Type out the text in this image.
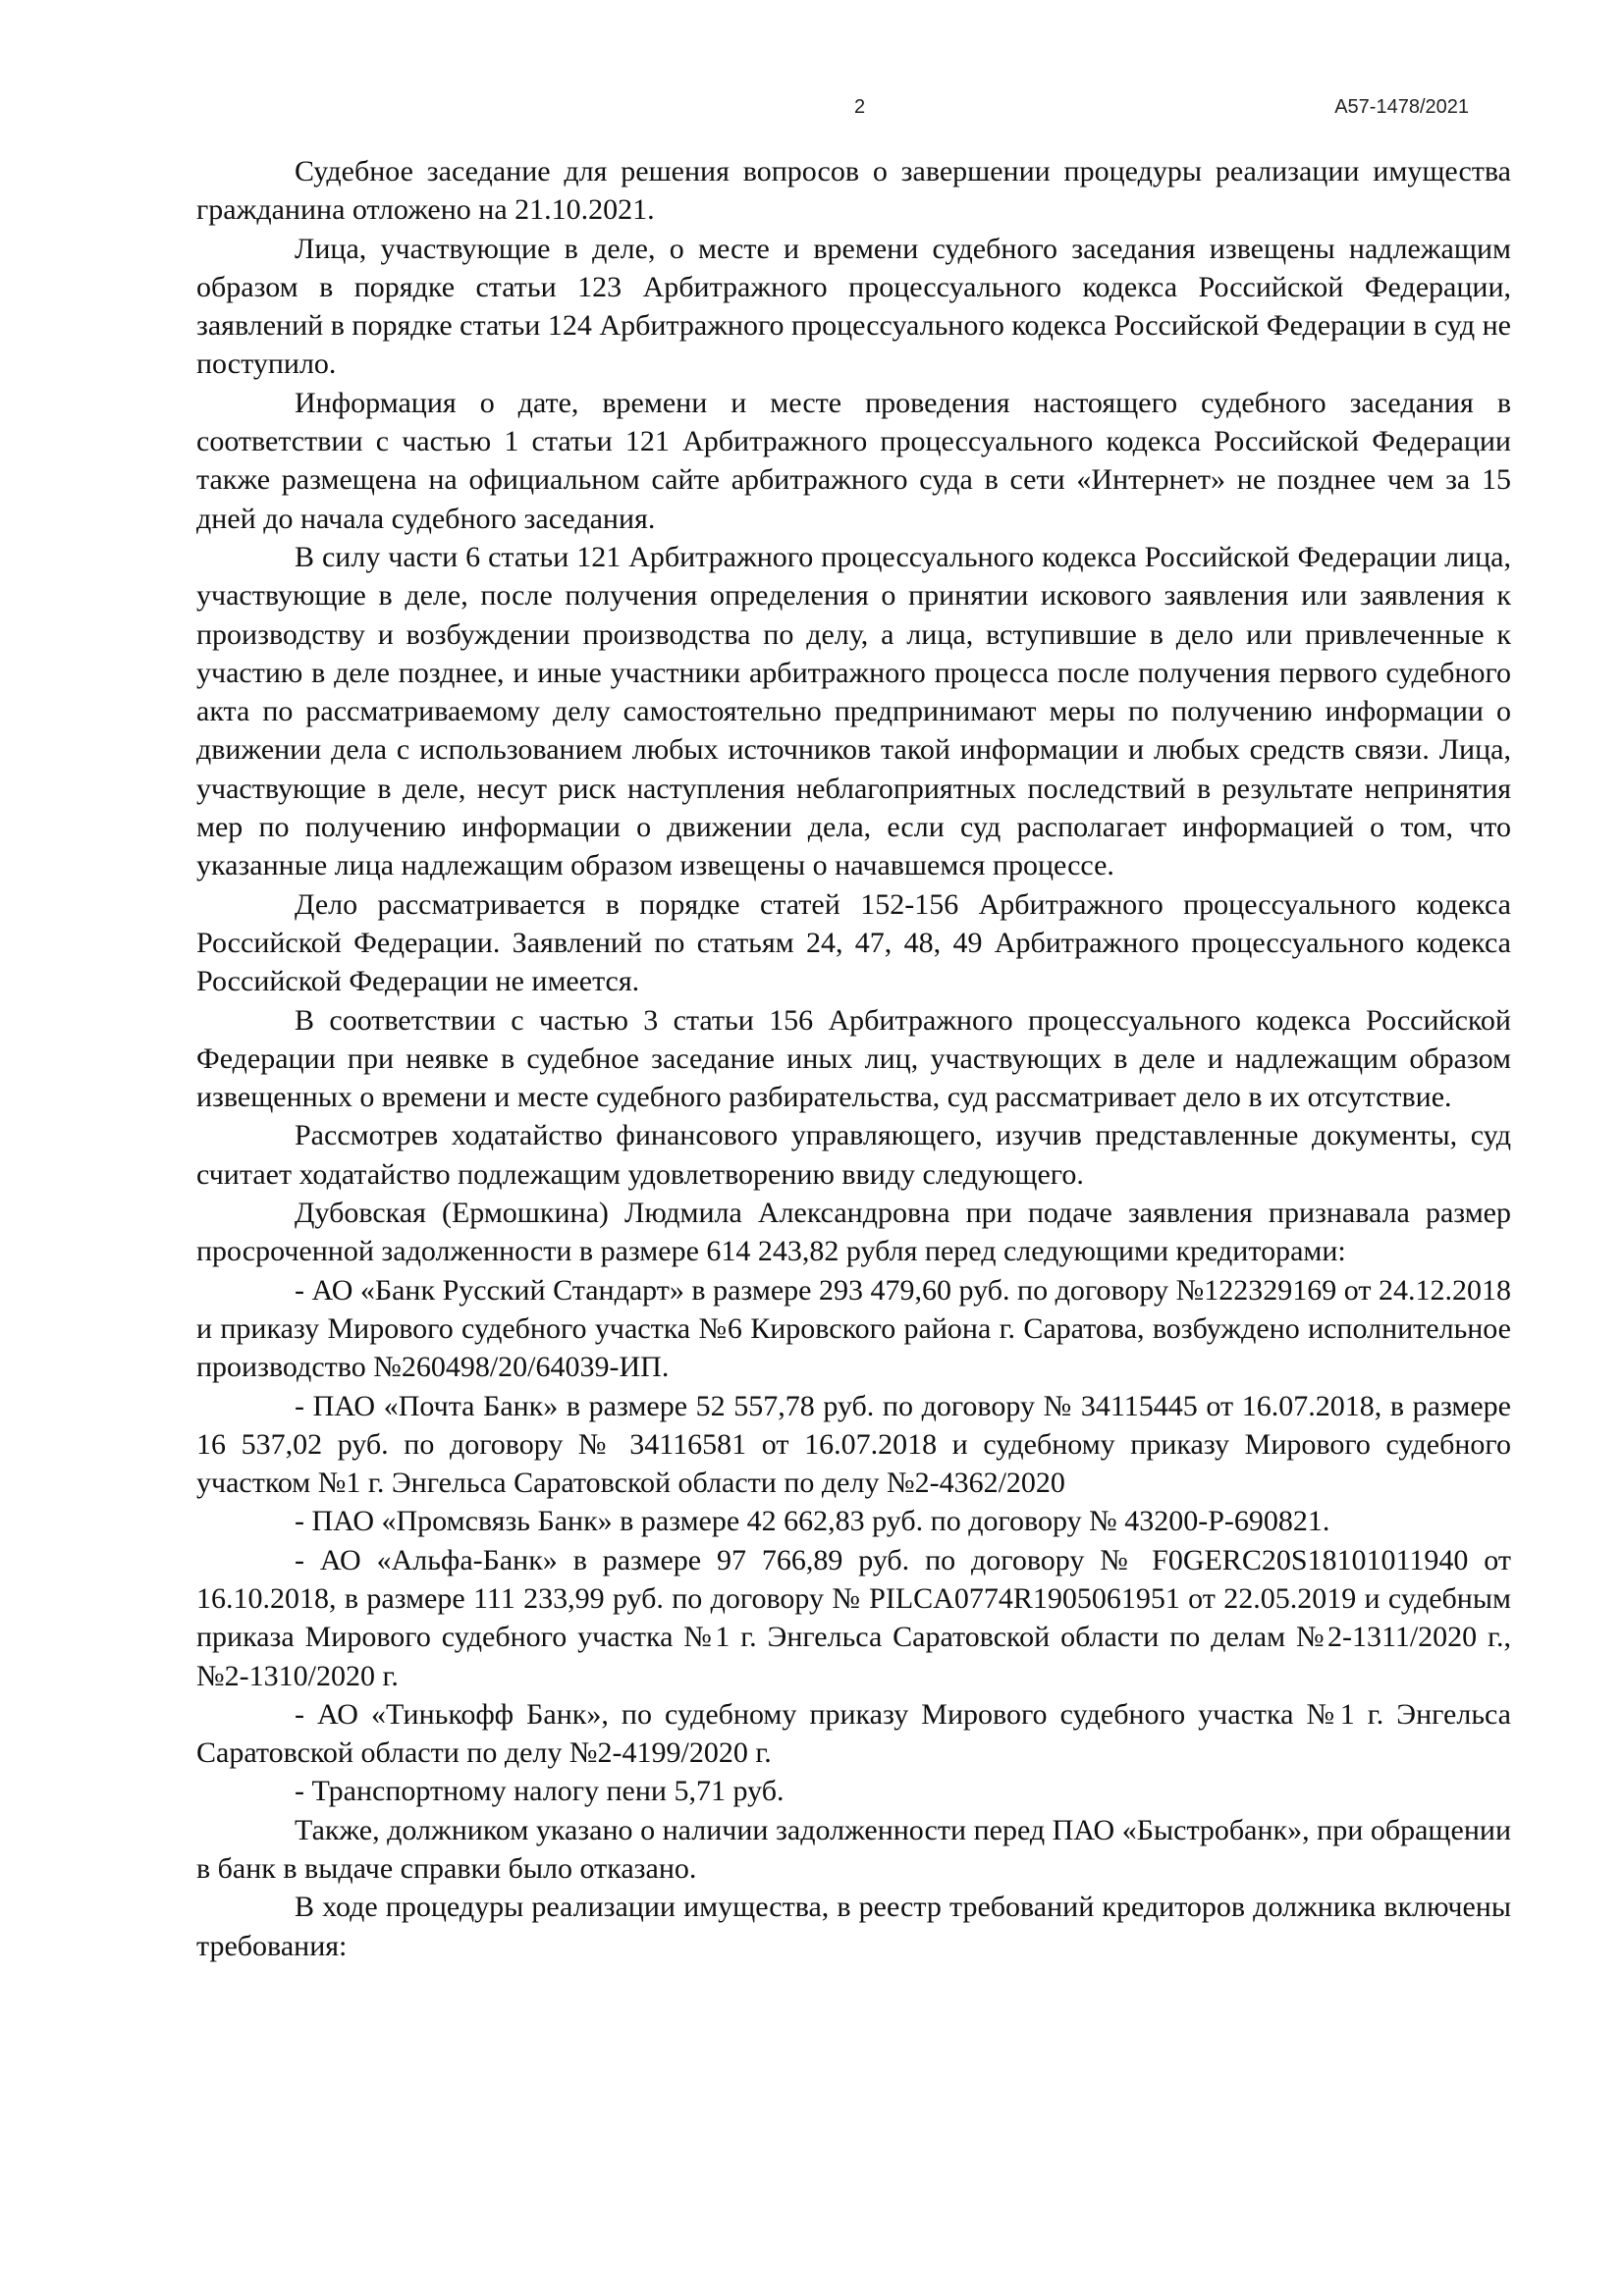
2	А57-1478/2021

Судебное заседание для решения вопросов о завершении процедуры реализации имущества гражданина отложено на 21.10.2021.

Лица, участвующие в деле, о месте и времени судебного заседания извещены надлежащим образом в порядке статьи 123 Арбитражного процессуального кодекса Российской Федерации, заявлений в порядке статьи 124 Арбитражного процессуального кодекса Российской Федерации в суд не поступило.

Информация о дате, времени и месте проведения настоящего судебного заседания в соответствии с частью 1 статьи 121 Арбитражного процессуального кодекса Российской Федерации также размещена на официальном сайте арбитражного суда в сети «Интернет» не позднее чем за 15 дней до начала судебного заседания.

В силу части 6 статьи 121 Арбитражного процессуального кодекса Российской Федерации лица, участвующие в деле, после получения определения о принятии искового заявления или заявления к производству и возбуждении производства по делу, а лица, вступившие в дело или привлеченные к участию в деле позднее, и иные участники арбитражного процесса после получения первого судебного акта по рассматриваемому делу самостоятельно предпринимают меры по получению информации о движении дела с использованием любых источников такой информации и любых средств связи. Лица, участвующие в деле, несут риск наступления неблагоприятных последствий в результате непринятия мер по получению информации о движении дела, если суд располагает информацией о том, что указанные лица надлежащим образом извещены о начавшемся процессе.

Дело рассматривается в порядке статей 152-156 Арбитражного процессуального кодекса Российской Федерации. Заявлений по статьям 24, 47, 48, 49 Арбитражного процессуального кодекса Российской Федерации не имеется.

В соответствии с частью 3 статьи 156 Арбитражного процессуального кодекса Российской Федерации при неявке в судебное заседание иных лиц, участвующих в деле и надлежащим образом извещенных о времени и месте судебного разбирательства, суд рассматривает дело в их отсутствие.

Рассмотрев ходатайство финансового управляющего, изучив представленные документы, суд считает ходатайство подлежащим удовлетворению ввиду следующего.

Дубовская (Ермошкина) Людмила Александровна при подаче заявления признавала размер просроченной задолженности в размере 614 243,82 рубля перед следующими кредиторами:

- АО «Банк Русский Стандарт» в размере 293 479,60 руб. по договору №122329169 от 24.12.2018 и приказу Мирового судебного участка №6 Кировского района г. Саратова, возбуждено исполнительное производство №260498/20/64039-ИП.

- ПАО «Почта Банк» в размере 52 557,78 руб. по договору № 34115445 от 16.07.2018, в размере 16 537,02 руб. по договору № 34116581 от 16.07.2018 и судебному приказу Мирового судебного участком №1 г. Энгельса Саратовской области по делу №2-4362/2020

- ПАО «Промсвязь Банк» в размере 42 662,83 руб. по договору № 43200-Р-690821.

- АО «Альфа-Банк» в размере 97 766,89 руб. по договору № F0GERC20S18101011940 от 16.10.2018, в размере 111 233,99 руб. по договору № PILCA0774R1905061951 от 22.05.2019 и судебным приказа Мирового судебного участка №1 г. Энгельса Саратовской области по делам №2-1311/2020 г., №2-1310/2020 г.

- АО «Тинькофф Банк», по судебному приказу Мирового судебного участка №1 г. Энгельса Саратовской области по делу №2-4199/2020 г.

- Транспортному налогу пени 5,71 руб.

Также, должником указано о наличии задолженности перед ПАО «Быстробанк», при обращении в банк в выдаче справки было отказано.

В ходе процедуры реализации имущества, в реестр требований кредиторов должника включены требования:
